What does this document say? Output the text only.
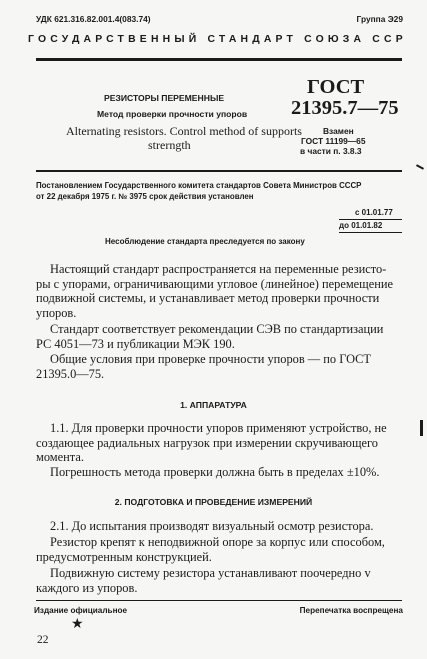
УДК 621.316.82.001.4(083.74)	Группа Э29
ГОСУДАРСТВЕННЫЙ СТАНДАРТ СОЮЗА ССР
РЕЗИСТОРЫ ПЕРЕМЕННЫЕ
Метод проверки прочности упоров
Alternating resistors. Control method of supports
strerngth
ГОСТ
21395.7—75
Взамен
ГОСТ 11199—65
в части п. 3.8.3
Постановлением Государственного комитета стандартов Совета Министров СССР
от 22 декабря 1975 г. № 3975 срок действия установлен
с 01.01.77
до 01.01.82
Несоблюдение стандарта преследуется по закону
Настоящий стандарт распространяется на переменные резисто-
ры с упорами, ограничивающими угловое (линейное) перемещение
подвижной системы, и устанавливает метод проверки прочности
упоров.
Стандарт соответствует рекомендации СЭВ по стандартизации
РС 4051—73 и публикации МЭК 190.
Общие условия при проверке прочности упоров — по ГОСТ
21395.0—75.
1. АППАРАТУРА
1.1. Для проверки прочности упоров применяют устройство, не
создающее радиальных нагрузок при измерении скручивающего
момента.
Погрешность метода проверки должна быть в пределах ±10%.
2. ПОДГОТОВКА И ПРОВЕДЕНИЕ ИЗМЕРЕНИЙ
2.1. До испытания производят визуальный осмотр резистора.
Резистор крепят к неподвижной опоре за корпус или способом,
предусмотренным конструкцией.
Подвижную систему резистора устанавливают поочередно v
каждого из упоров.
Издание официальное	Перепечатка воспрещена
★
22
